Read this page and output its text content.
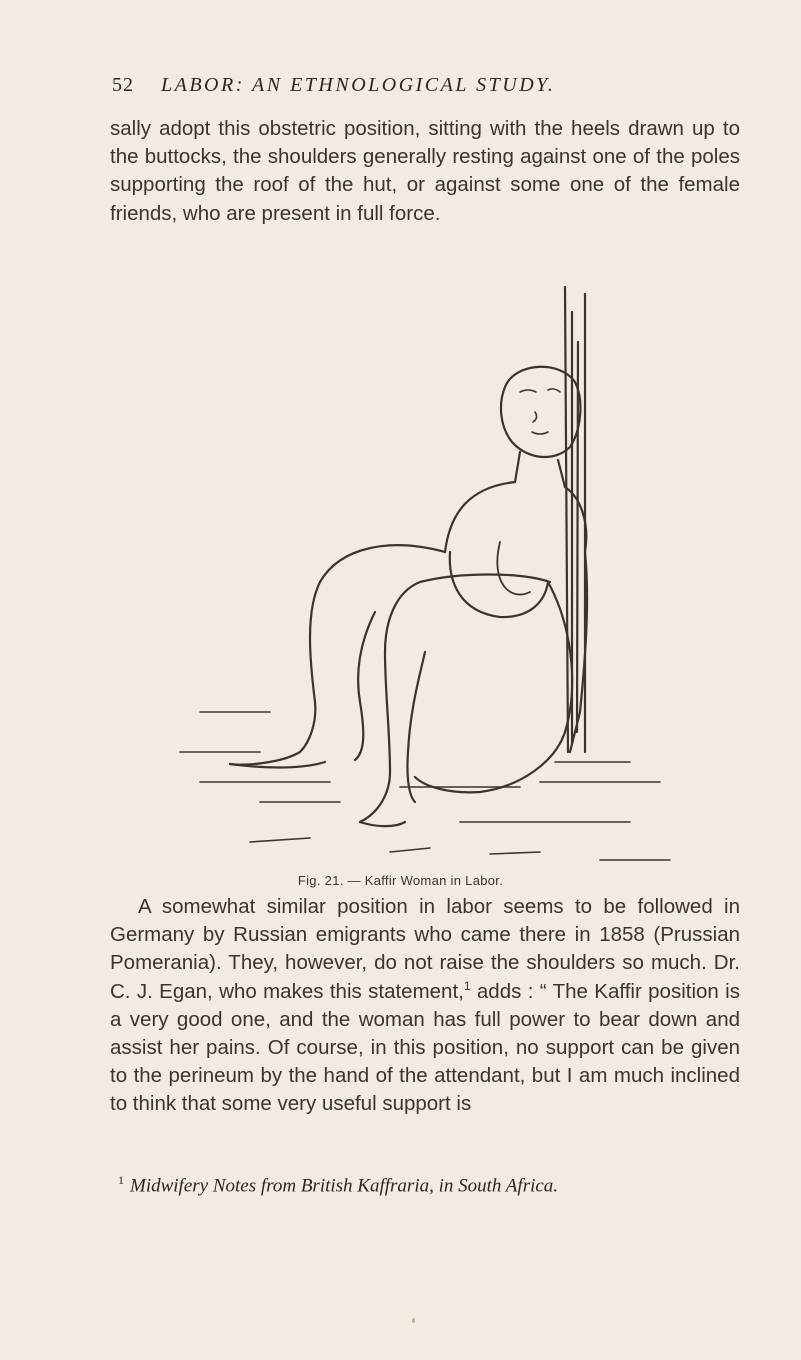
52 LABOR: AN ETHNOLOGICAL STUDY.

sally adopt this obstetric position, sitting with the heels drawn up to the buttocks, the shoulders generally resting against one of the poles supporting the roof of the hut, or against some one of the female friends, who are present in full force.

Fig. 21. — Kaffir Woman in Labor.

A somewhat similar position in labor seems to be followed in Germany by Russian emigrants who came there in 1858 (Prussian Pomerania). They, however, do not raise the shoulders so much. Dr. C. J. Egan, who makes this statement,$^1$ adds : “ The Kaffir position is a very good one, and the woman has full power to bear down and assist her pains. Of course, in this position, no support can be given to the perineum by the hand of the attendant, but I am much inclined to think that some very useful support is

$^1$ Midwifery Notes from British Kaffraria, in South Africa.
